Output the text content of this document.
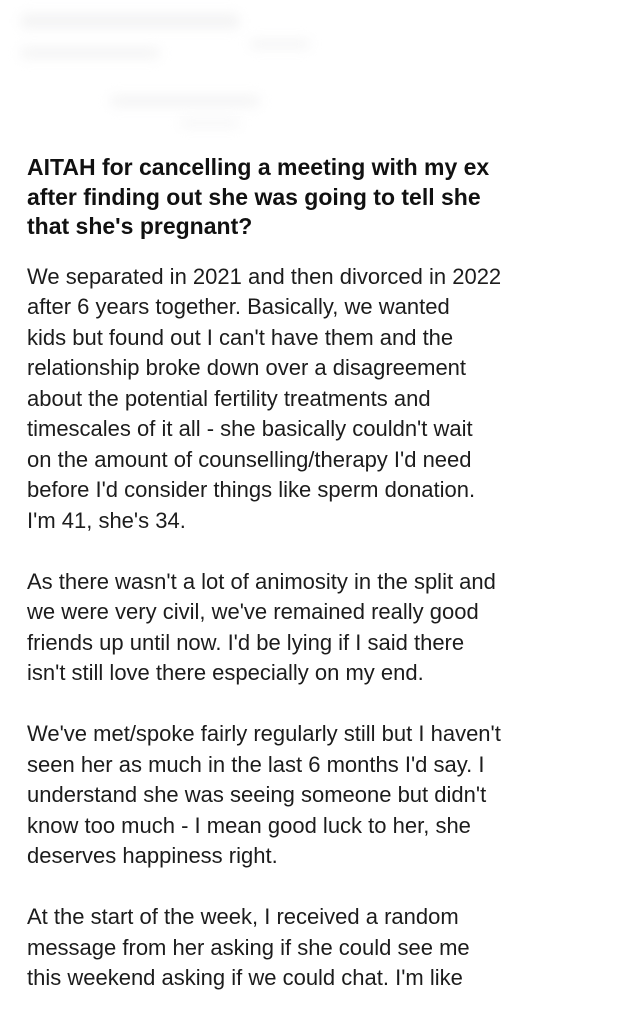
AITAH for cancelling a meeting with my ex
after finding out she was going to tell she
that she's pregnant?

We separated in 2021 and then divorced in 2022
after 6 years together. Basically, we wanted
kids but found out I can't have them and the
relationship broke down over a disagreement
about the potential fertility treatments and
timescales of it all - she basically couldn't wait
on the amount of counselling/therapy I'd need
before I'd consider things like sperm donation.
I'm 41, she's 34.

As there wasn't a lot of animosity in the split and
we were very civil, we've remained really good
friends up until now. I'd be lying if I said there
isn't still love there especially on my end.

We've met/spoke fairly regularly still but I haven't
seen her as much in the last 6 months I'd say. I
understand she was seeing someone but didn't
know too much - I mean good luck to her, she
deserves happiness right.

At the start of the week, I received a random
message from her asking if she could see me
this weekend asking if we could chat. I'm like
